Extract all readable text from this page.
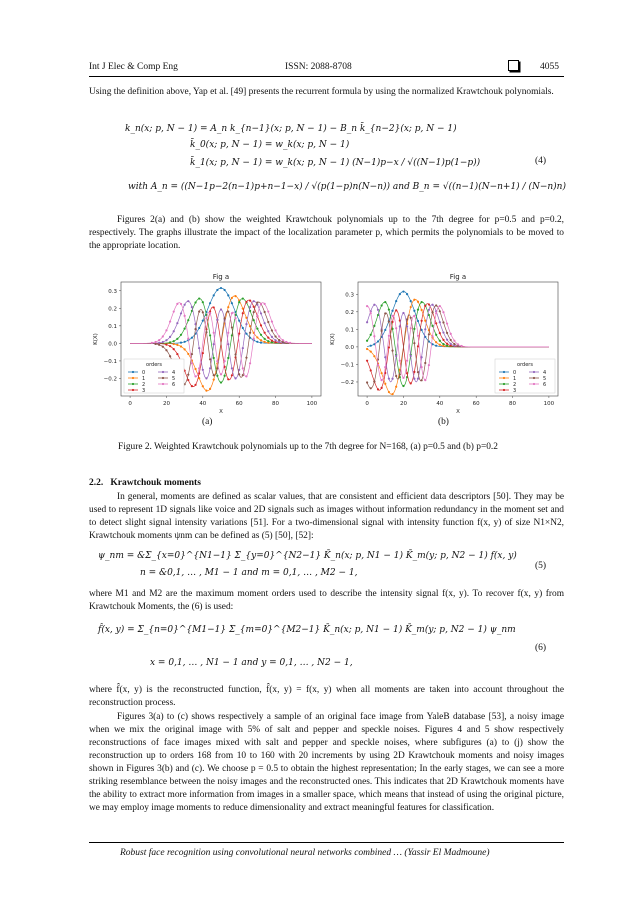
Int J Elec & Comp Eng	ISSN: 2088-8708	4055
Using the definition above, Yap et al. [49] presents the recurrent formula by using the normalized Krawtchouk polynomials.
k_n(x; p, N − 1) = A_n k_{n−1}(x; p, N − 1) − B_n k̄_{n−2}(x; p, N − 1)
k̄_0(x; p, N − 1) = w_k(x; p, N − 1)
k̄_1(x; p, N − 1) = w_k(x; p, N − 1) (N−1)p−x / √((N−1)p(1−p))
with A_n = ((N−1p−2(n−1)p+n−1−x) / √(p(1−p)n(N−n)) and B_n = √((n−1)(N−n+1) / (N−n)n)
(4)
Figures 2(a) and (b) show the weighted Krawtchouk polynomials up to the 7th degree for p=0.5 and p=0.2, respectively. The graphs illustrate the impact of the localization parameter p, which permits the polynomials to be moved to the appropriate location.
Fig a
0	20	40	60	80	100
0.3
0.2
0.1
0.0
−0.1
−0.2
X
K(X)
orders
0
1
2
3
4
5
6
Fig a
0	20	40	60	80	100
0.3
0.2
0.1
0.0
−0.1
−0.2
X
K(X)
orders
0
1
2
3
4
5
6
(a)	(b)
Figure 2. Weighted Krawtchouk polynomials up to the 7th degree for N=168, (a) p=0.5 and (b) p=0.2
2.2. Krawtchouk moments
In general, moments are defined as scalar values, that are consistent and efficient data descriptors [50]. They may be used to represent 1D signals like voice and 2D signals such as images without information redundancy in the moment set and to detect slight signal intensity variations [51]. For a two-dimensional signal with intensity function f(x, y) of size N1×N2, Krawtchouk moments ψnm can be defined as (5) [50], [52]:
ψ_nm = &Σ_{x=0}^{N1−1} Σ_{y=0}^{N2−1} K̄_n(x; p, N1 − 1) K̄_m(y; p, N2 − 1) f(x, y)
n = &0,1, … , M1 − 1 and m = 0,1, … , M2 − 1,
(5)
where M1 and M2 are the maximum moment orders used to describe the intensity signal f(x, y). To recover f(x, y) from Krawtchouk Moments, the (6) is used:
f̂(x, y) = Σ_{n=0}^{M1−1} Σ_{m=0}^{M2−1} K̄_n(x; p, N1 − 1) K̄_m(y; p, N2 − 1) ψ_nm
x = 0,1, … , N1 − 1 and y = 0,1, … , N2 − 1,
(6)
where f̂(x, y) is the reconstructed function, f̂(x, y) = f(x, y) when all moments are taken into account throughout the reconstruction process.
Figures 3(a) to (c) shows respectively a sample of an original face image from YaleB database [53], a noisy image when we mix the original image with 5% of salt and pepper and speckle noises. Figures 4 and 5 show respectively reconstructions of face images mixed with salt and pepper and speckle noises, where subfigures (a) to (j) show the reconstruction up to orders 168 from 10 to 160 with 20 increments by using 2D Krawtchouk moments and noisy images shown in Figures 3(b) and (c). We choose p = 0.5 to obtain the highest representation; In the early stages, we can see a more striking resemblance between the noisy images and the reconstructed ones. This indicates that 2D Krawtchouk moments have the ability to extract more information from images in a smaller space, which means that instead of using the original picture, we may employ image moments to reduce dimensionality and extract meaningful features for classification.
Robust face recognition using convolutional neural networks combined … (Yassir El Madmoune)
